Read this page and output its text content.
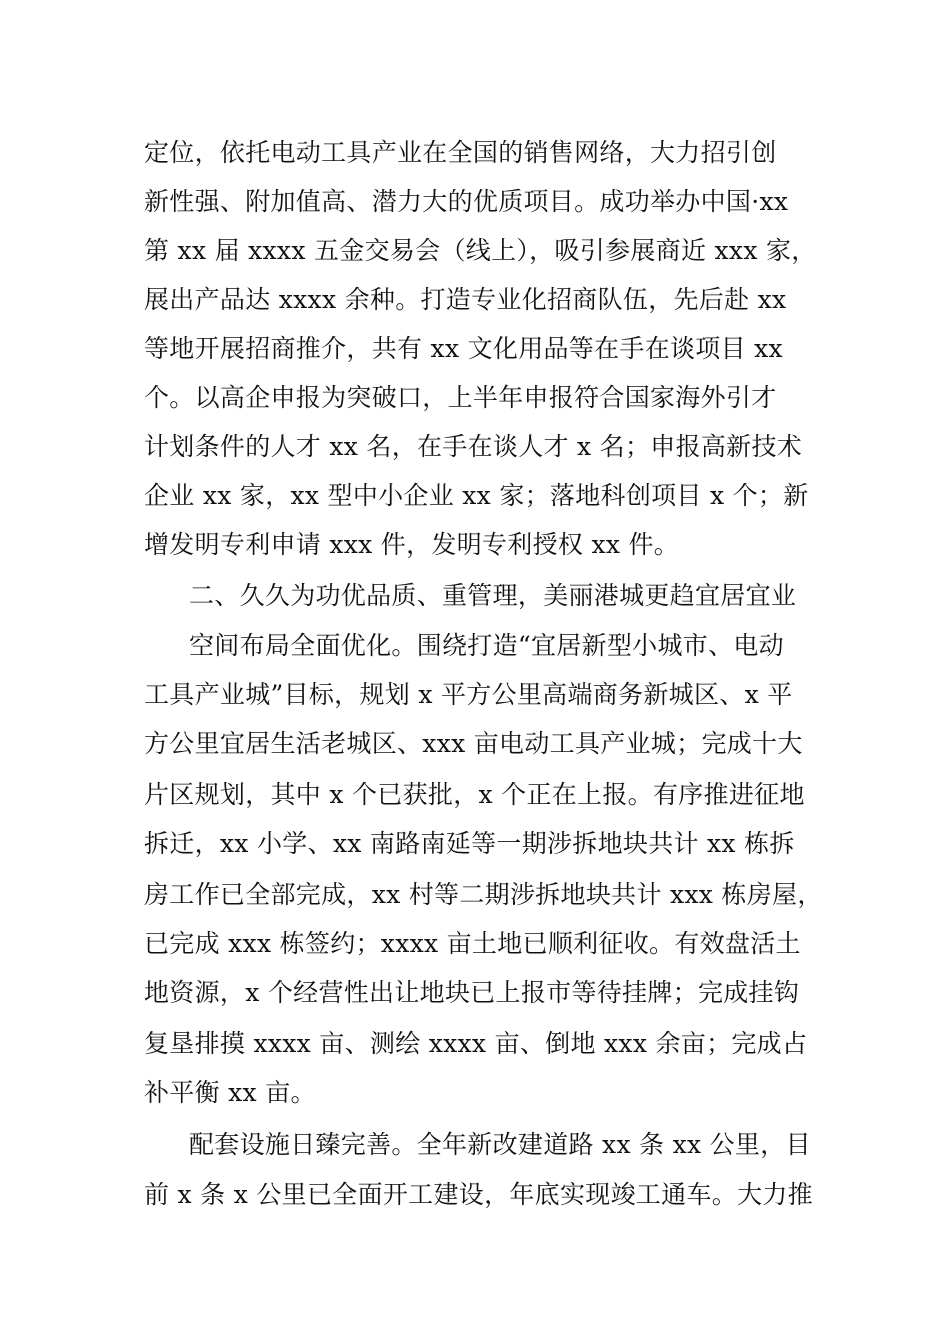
定位，依托电动工具产业在全国的销售网络，大力招引创
新性强、附加值高、潜力大的优质项目。成功举办中国·xx
第 xx 届 xxxx 五金交易会（线上），吸引参展商近 xxx 家，
展出产品达 xxxx 余种。打造专业化招商队伍，先后赴 xx
等地开展招商推介，共有 xx 文化用品等在手在谈项目 xx
个。以高企申报为突破口，上半年申报符合国家海外引才
计划条件的人才 xx 名，在手在谈人才 x 名；申报高新技术
企业 xx 家，xx 型中小企业 xx 家；落地科创项目 x 个；新
增发明专利申请 xxx 件，发明专利授权 xx 件。
二、久久为功优品质、重管理，美丽港城更趋宜居宜业
空间布局全面优化。围绕打造“宜居新型小城市、电动
工具产业城”目标，规划 x 平方公里高端商务新城区、x 平
方公里宜居生活老城区、xxx 亩电动工具产业城；完成十大
片区规划，其中 x 个已获批，x 个正在上报。有序推进征地
拆迁，xx 小学、xx 南路南延等一期涉拆地块共计 xx 栋拆
房工作已全部完成，xx 村等二期涉拆地块共计 xxx 栋房屋，
已完成 xxx 栋签约；xxxx 亩土地已顺利征收。有效盘活土
地资源，x 个经营性出让地块已上报市等待挂牌；完成挂钩
复垦排摸 xxxx 亩、测绘 xxxx 亩、倒地 xxx 余亩；完成占
补平衡 xx 亩。
配套设施日臻完善。全年新改建道路 xx 条 xx 公里，目
前 x 条 x 公里已全面开工建设，年底实现竣工通车。大力推
